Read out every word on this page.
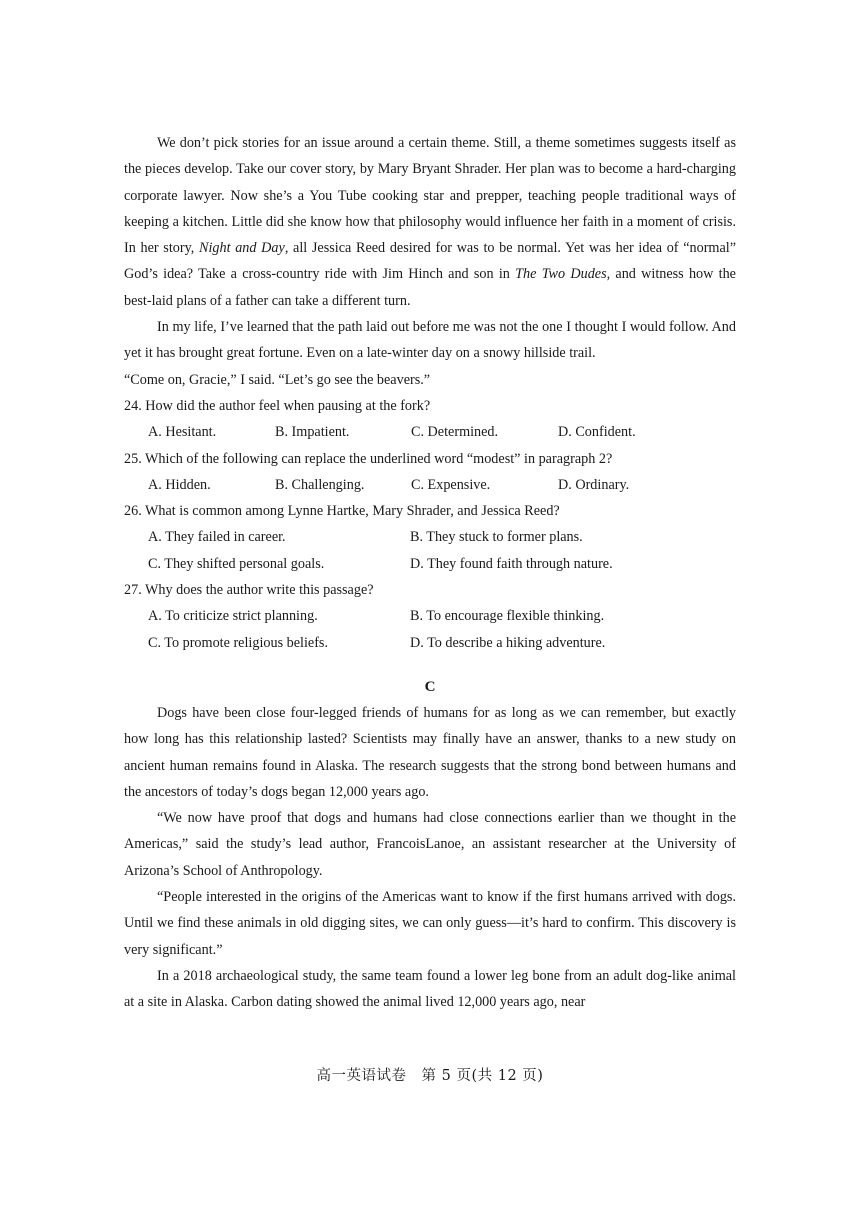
We don’t pick stories for an issue around a certain theme. Still, a theme sometimes suggests itself as the pieces develop. Take our cover story, by Mary Bryant Shrader. Her plan was to become a hard-charging corporate lawyer. Now she’s a You Tube cooking star and prepper, teaching people traditional ways of keeping a kitchen. Little did she know how that philosophy would influence her faith in a moment of crisis. In her story, Night and Day, all Jessica Reed desired for was to be normal. Yet was her idea of “normal” God’s idea? Take a cross-country ride with Jim Hinch and son in The Two Dudes, and witness how the best-laid plans of a father can take a different turn.

In my life, I’ve learned that the path laid out before me was not the one I thought I would follow. And yet it has brought great fortune. Even on a late-winter day on a snowy hillside trail.

“Come on, Gracie,” I said. “Let’s go see the beavers.”

24. How did the author feel when pausing at the fork?

A. Hesitant.	B. Impatient.	C. Determined.	D. Confident.

25. Which of the following can replace the underlined word “modest” in paragraph 2?

A. Hidden.	B. Challenging.	C. Expensive.	D. Ordinary.

26. What is common among Lynne Hartke, Mary Shrader, and Jessica Reed?

A. They failed in career.	B. They stuck to former plans.
C. They shifted personal goals.	D. They found faith through nature.

27. Why does the author write this passage?

A. To criticize strict planning.	B. To encourage flexible thinking.
C. To promote religious beliefs.	D. To describe a hiking adventure.

C

Dogs have been close four-legged friends of humans for as long as we can remember, but exactly how long has this relationship lasted? Scientists may finally have an answer, thanks to a new study on ancient human remains found in Alaska. The research suggests that the strong bond between humans and the ancestors of today’s dogs began 12,000 years ago.

“We now have proof that dogs and humans had close connections earlier than we thought in the Americas,” said the study’s lead author, FrancoisLanoe, an assistant researcher at the University of Arizona’s School of Anthropology.

“People interested in the origins of the Americas want to know if the first humans arrived with dogs. Until we find these animals in old digging sites, we can only guess—it’s hard to confirm. This discovery is very significant.”

In a 2018 archaeological study, the same team found a lower leg bone from an adult dog-like animal at a site in Alaska. Carbon dating showed the animal lived 12,000 years ago, near

高一英语试卷　第 5 页(共 12 页)
